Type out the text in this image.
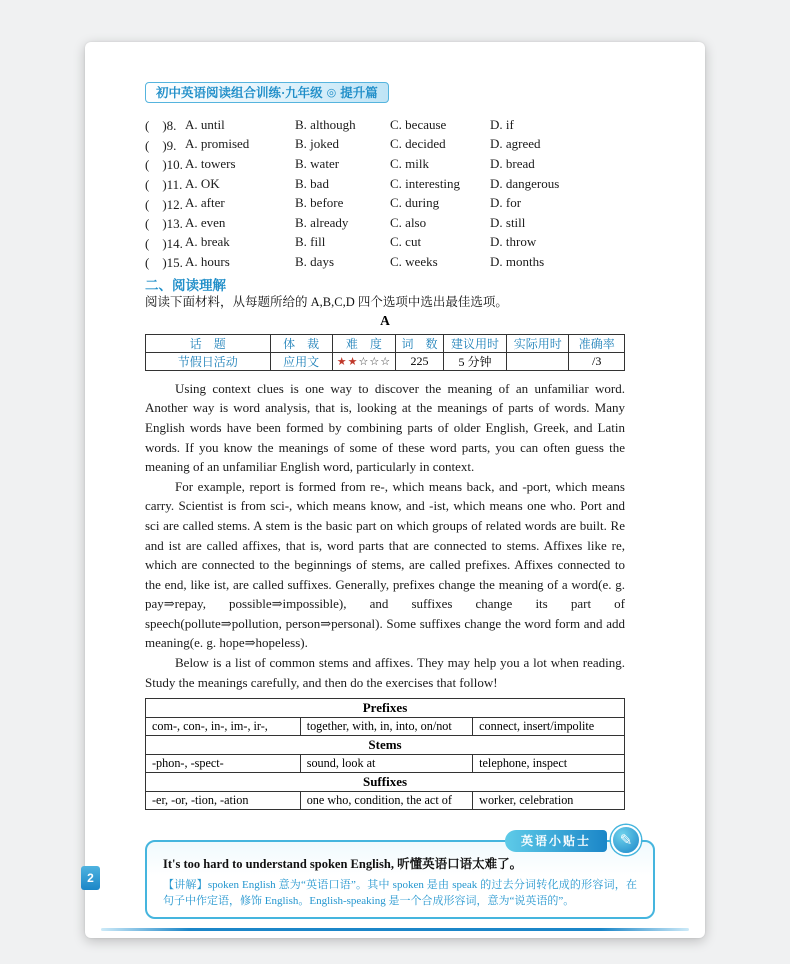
2
初中英语阅读组合训练·九年级 ◎ 提升篇
(　)8. A. until	B. although	C. because	D. if
(　)9. A. promised	B. joked	C. decided	D. agreed
(　)10. A. towers	B. water	C. milk	D. bread
(　)11. A. OK	B. bad	C. interesting	D. dangerous
(　)12. A. after	B. before	C. during	D. for
(　)13. A. even	B. already	C. also	D. still
(　)14. A. break	B. fill	C. cut	D. throw
(　)15. A. hours	B. days	C. weeks	D. months
二、阅读理解
阅读下面材料，从每题所给的 A,B,C,D 四个选项中选出最佳选项。
A
话　题	体　裁	难　度	词　数	建议用时	实际用时	准确率
节假日活动	应用文	★★☆☆☆	225	5 分钟		/3

Using context clues is one way to discover the meaning of an unfamiliar word. Another way is word analysis, that is, looking at the meanings of parts of words. Many English words have been formed by combining parts of older English, Greek, and Latin words. If you know the meanings of some of these word parts, you can often guess the meaning of an unfamiliar English word, particularly in context.

For example, report is formed from re-, which means back, and -port, which means carry. Scientist is from sci-, which means know, and -ist, which means one who. Port and sci are called stems. A stem is the basic part on which groups of related words are built. Re and ist are called affixes, that is, word parts that are connected to stems. Affixes like re, which are connected to the beginnings of stems, are called prefixes. Affixes connected to the end, like ist, are called suffixes. Generally, prefixes change the meaning of a word(e. g. pay⇒repay, possible⇒impossible), and suffixes change its part of speech(pollute⇒pollution, person⇒personal). Some suffixes change the word form and add meaning(e. g. hope⇒hopeless).

Below is a list of common stems and affixes. They may help you a lot when reading. Study the meanings carefully, and then do the exercises that follow!

Prefixes		
com-, con-, in-, im-, ir-,	together, with, in, into, on/not	connect, insert/impolite
Stems		
-phon-, -spect-	sound, look at	telephone, inspect
Suffixes		
-er, -or, -tion, -ation	one who, condition, the act of	worker, celebration
英语小贴士	✎

It's too hard to understand spoken English, 听懂英语口语太难了。

【讲解】spoken English 意为“英语口语”。其中 spoken 是由 speak 的过去分词转化成的形容词，在句子中作定语，修饰 English。English-speaking 是一个合成形容词，意为“说英语的”。
